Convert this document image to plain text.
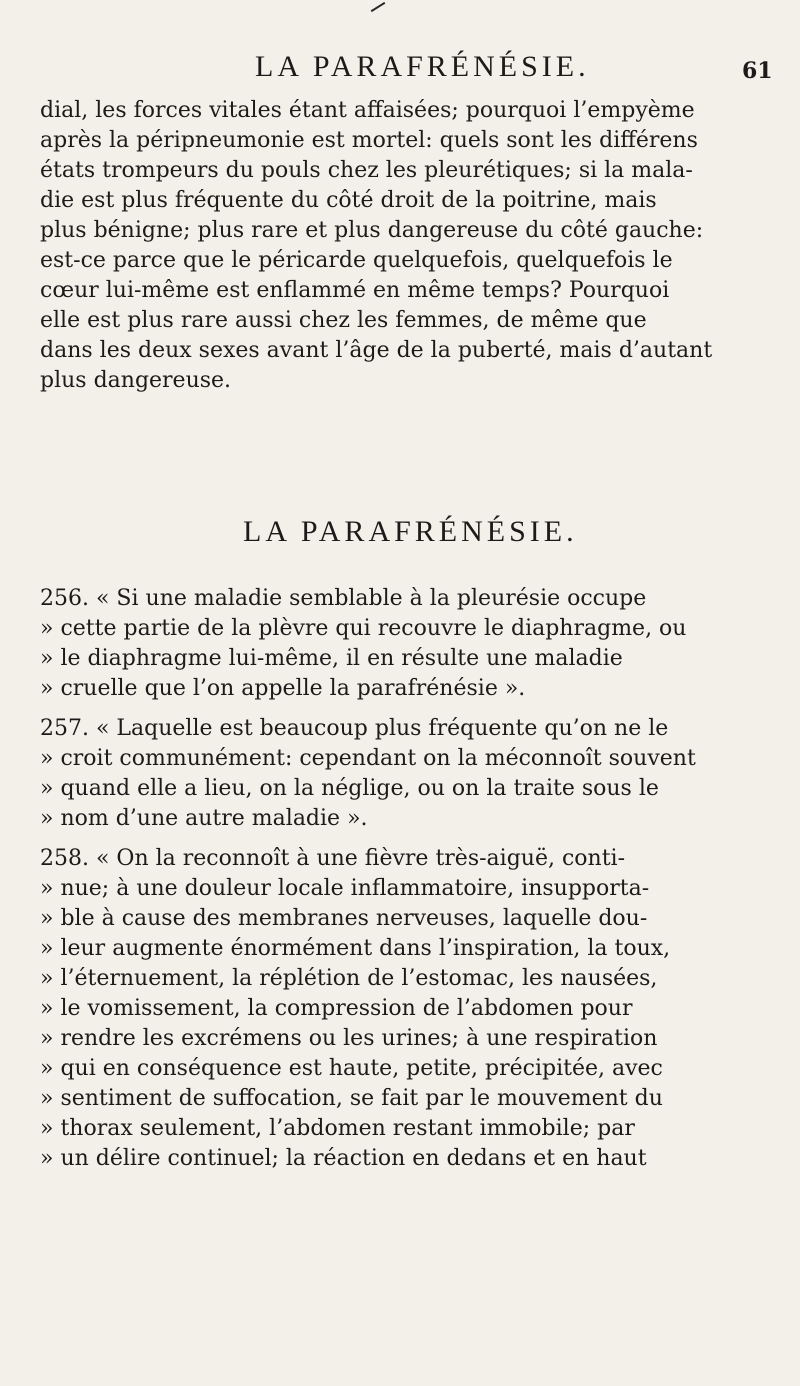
LA PARAFRÉNÉSIE.	61
dial, les forces vitales étant affaisées; pourquoi l’empyème
après la péripneumonie est mortel: quels sont les différens
états trompeurs du pouls chez les pleurétiques; si la mala-
die est plus fréquente du côté droit de la poitrine, mais
plus bénigne; plus rare et plus dangereuse du côté gauche:
est-ce parce que le péricarde quelquefois, quelquefois le
cœur lui-même est enflammé en même temps? Pourquoi
elle est plus rare aussi chez les femmes, de même que
dans les deux sexes avant l’âge de la puberté, mais d’autant
plus dangereuse.
LA PARAFRÉNÉSIE.
256. « Si une maladie semblable à la pleurésie occupe
» cette partie de la plèvre qui recouvre le diaphragme, ou
» le diaphragme lui-même, il en résulte une maladie
» cruelle que l’on appelle la parafrénésie ».
257. « Laquelle est beaucoup plus fréquente qu’on ne le
» croit communément: cependant on la méconnoît souvent
» quand elle a lieu, on la néglige, ou on la traite sous le
» nom d’une autre maladie ».
258. « On la reconnoît à une fièvre très-aiguë, conti-
» nue; à une douleur locale inflammatoire, insupporta-
» ble à cause des membranes nerveuses, laquelle dou-
» leur augmente énormément dans l’inspiration, la toux,
» l’éternuement, la réplétion de l’estomac, les nausées,
» le vomissement, la compression de l’abdomen pour
» rendre les excrémens ou les urines; à une respiration
» qui en conséquence est haute, petite, précipitée, avec
» sentiment de suffocation, se fait par le mouvement du
» thorax seulement, l’abdomen restant immobile; par
» un délire continuel; la réaction en dedans et en haut
